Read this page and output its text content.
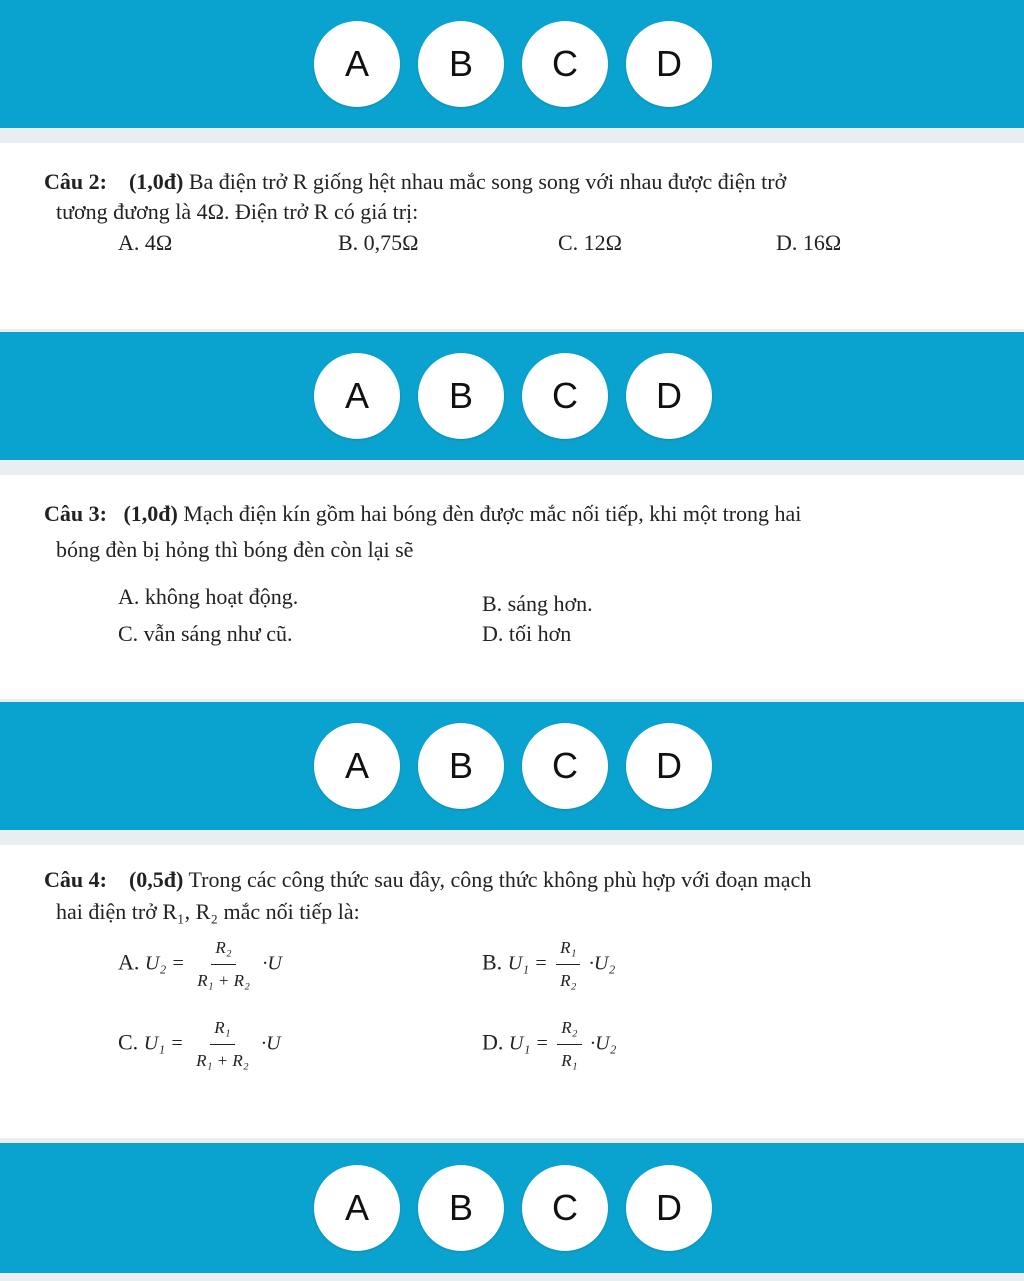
A	B	C	D
Câu 2: (1,0đ) Ba điện trở R giống hệt nhau mắc song song với nhau được điện trở
tương đương là 4Ω. Điện trở R có giá trị:
A. 4Ω	B. 0,75Ω	C. 12Ω	D. 16Ω
A	B	C	D
Câu 3: (1,0đ) Mạch điện kín gồm hai bóng đèn được mắc nối tiếp, khi một trong hai
bóng đèn bị hỏng thì bóng đèn còn lại sẽ
A. không hoạt động.	B. sáng hơn.
C. vẫn sáng như cũ.	D. tối hơn
A	B	C	D
Câu 4: (0,5đ) Trong các công thức sau đây, công thức không phù hợp với đoạn mạch
hai điện trở R₁, R₂ mắc nối tiếp là:
A. $U_2 = \frac{\text{R₂}}{\text{R₁ + R₂}} \cdot U$	B. $U_1 = \frac{\text{R₁}}{\text{R₂}} \cdot U_2$
C. $U_1 = \frac{\text{R₁}}{\text{R₁ + R₂}} \cdot U$	D. $U_1 = \frac{\text{R₂}}{\text{R₁}} \cdot U_2$
A	B	C	D
